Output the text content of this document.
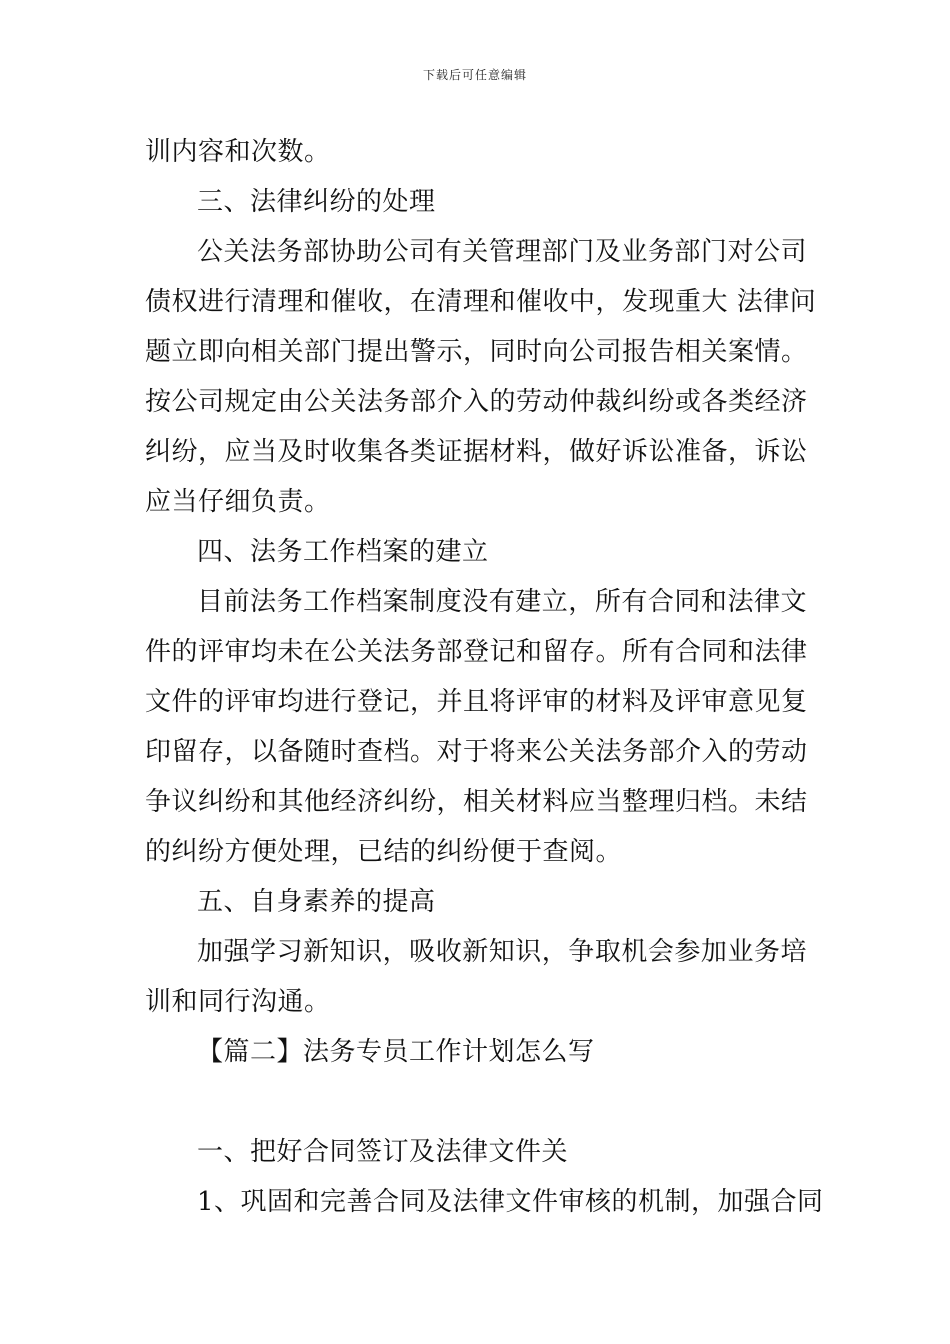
下载后可任意编辑
训内容和次数。
三、法律纠纷的处理
公关法务部协助公司有关管理部门及业务部门对公司
债权进行清理和催收，在清理和催收中，发现重大 法律问
题立即向相关部门提出警示，同时向公司报告相关案情。
按公司规定由公关法务部介入的劳动仲裁纠纷或各类经济
纠纷，应当及时收集各类证据材料，做好诉讼准备，诉讼
应当仔细负责。
四、法务工作档案的建立
目前法务工作档案制度没有建立，所有合同和法律文
件的评审均未在公关法务部登记和留存。所有合同和法律
文件的评审均进行登记，并且将评审的材料及评审意见复
印留存，以备随时查档。对于将来公关法务部介入的劳动
争议纠纷和其他经济纠纷，相关材料应当整理归档。未结
的纠纷方便处理，已结的纠纷便于查阅。
五、自身素养的提高
加强学习新知识，吸收新知识，争取机会参加业务培
训和同行沟通。
【篇二】法务专员工作计划怎么写
一、把好合同签订及法律文件关
1、巩固和完善合同及法律文件审核的机制，加强合同
